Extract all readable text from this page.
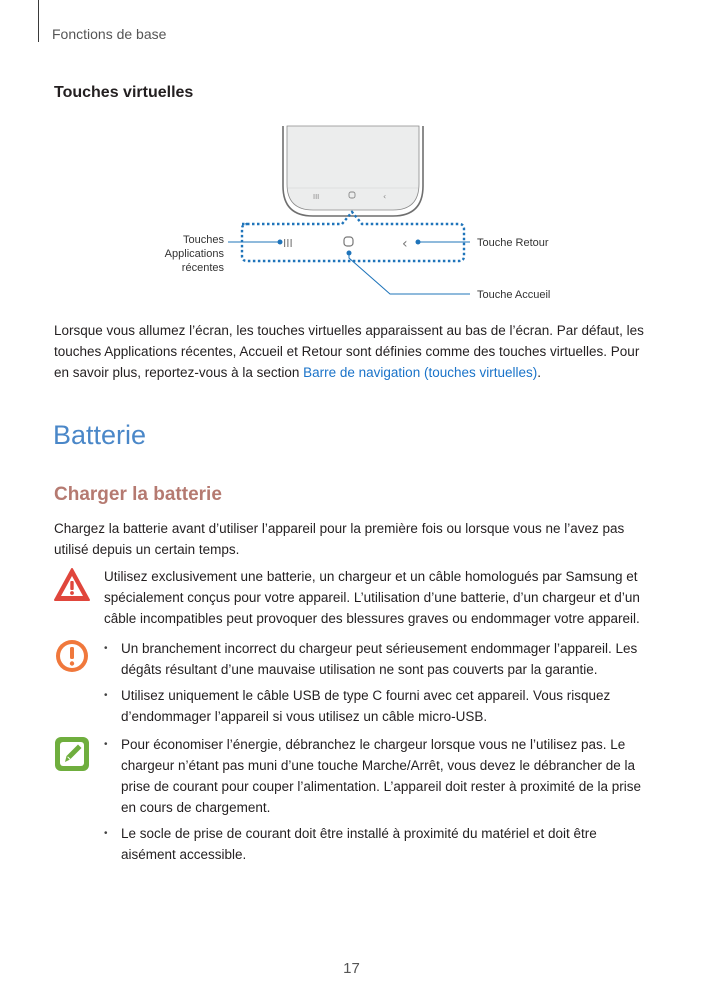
Fonctions de base
Touches virtuelles
III	‹
III	‹
Touches
Applications
récentes
Touche Retour
Touche Accueil
Lorsque vous allumez l’écran, les touches virtuelles apparaissent au bas de l’écran. Par défaut, les touches Applications récentes, Accueil et Retour sont définies comme des touches virtuelles. Pour en savoir plus, reportez-vous à la section Barre de navigation (touches virtuelles).
Batterie
Charger la batterie
Chargez la batterie avant d’utiliser l’appareil pour la première fois ou lorsque vous ne l’avez pas utilisé depuis un certain temps.
Utilisez exclusivement une batterie, un chargeur et un câble homologués par Samsung et spécialement conçus pour votre appareil. L’utilisation d’une batterie, d’un chargeur et d’un câble incompatibles peut provoquer des blessures graves ou endommager votre appareil.
• Un branchement incorrect du chargeur peut sérieusement endommager l’appareil. Les dégâts résultant d’une mauvaise utilisation ne sont pas couverts par la garantie.
• Utilisez uniquement le câble USB de type C fourni avec cet appareil. Vous risquez d’endommager l’appareil si vous utilisez un câble micro-USB.
• Pour économiser l’énergie, débranchez le chargeur lorsque vous ne l’utilisez pas. Le chargeur n’étant pas muni d’une touche Marche/Arrêt, vous devez le débrancher de la prise de courant pour couper l’alimentation. L’appareil doit rester à proximité de la prise en cours de chargement.
• Le socle de prise de courant doit être installé à proximité du matériel et doit être aisément accessible.
17
